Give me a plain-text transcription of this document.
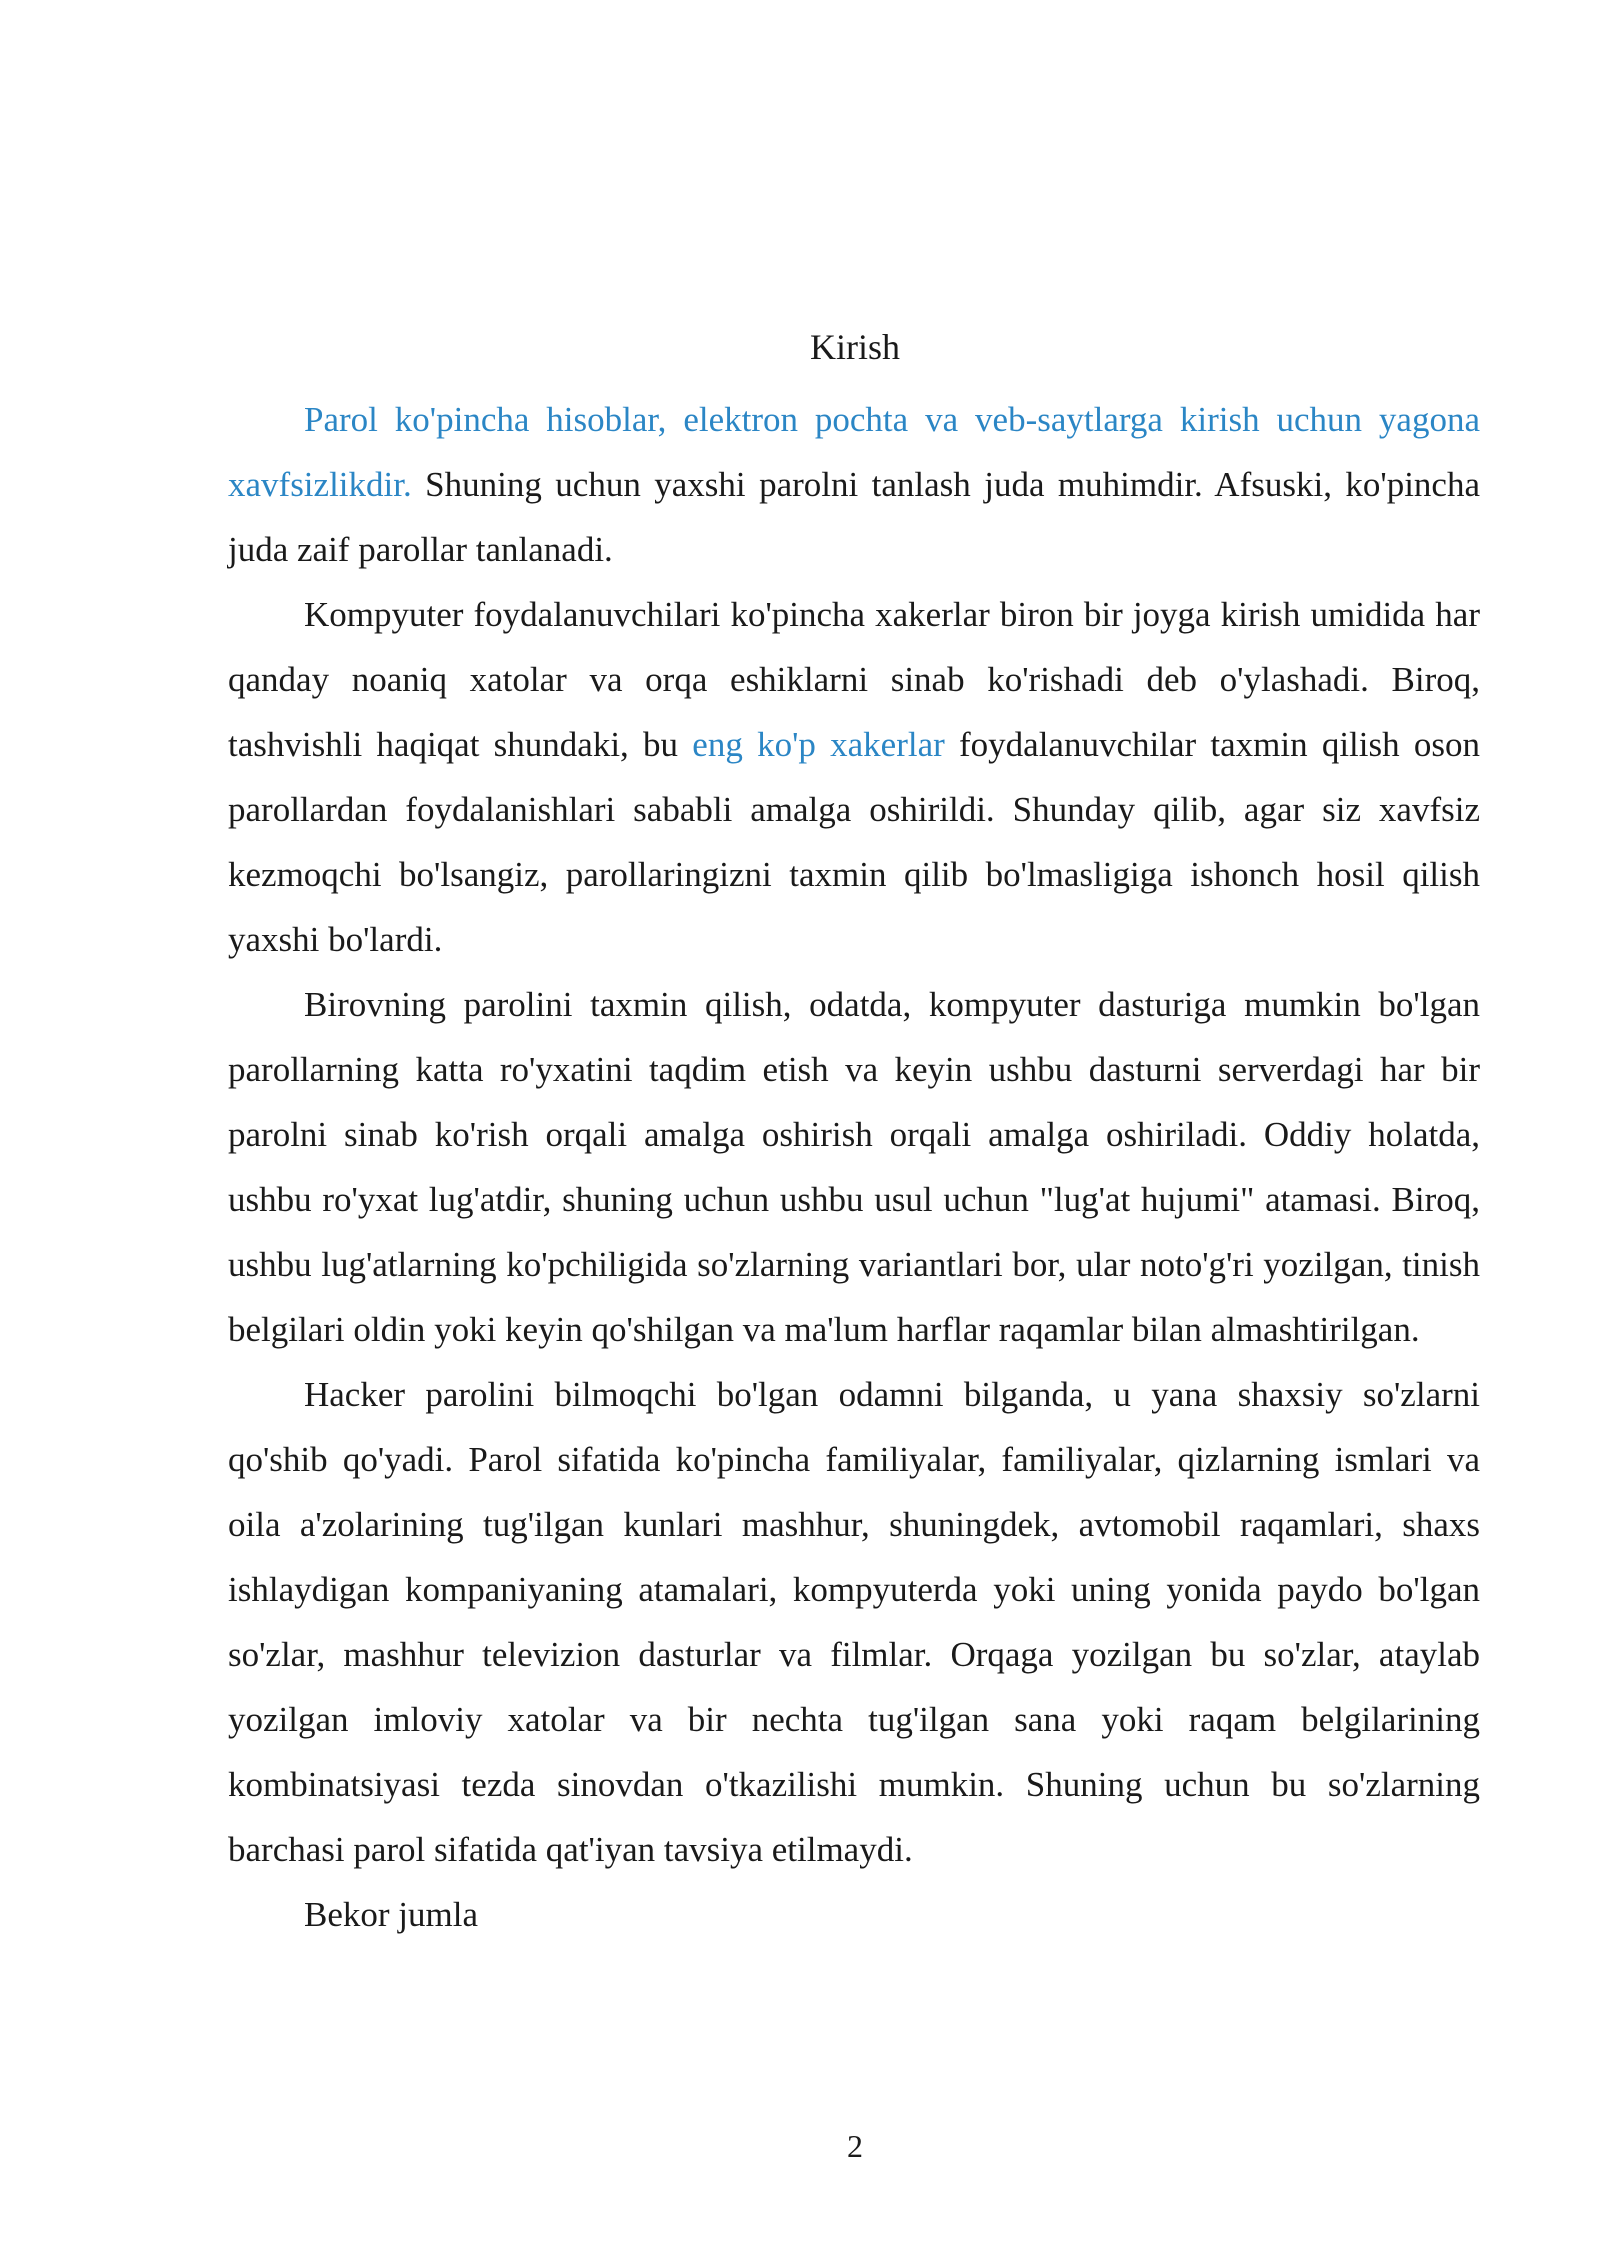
Kirish

Parol ko'pincha hisoblar, elektron pochta va veb-saytlarga kirish uchun yagona xavfsizlikdir. Shuning uchun yaxshi parolni tanlash juda muhimdir. Afsuski, ko'pincha juda zaif parollar tanlanadi.

Kompyuter foydalanuvchilari ko'pincha xakerlar biron bir joyga kirish umidida har qanday noaniq xatolar va orqa eshiklarni sinab ko'rishadi deb o'ylashadi. Biroq, tashvishli haqiqat shundaki, bu eng ko'p xakerlar foydalanuvchilar taxmin qilish oson parollardan foydalanishlari sababli amalga oshirildi. Shunday qilib, agar siz xavfsiz kezmoqchi bo'lsangiz, parollaringizni taxmin qilib bo'lmasligiga ishonch hosil qilish yaxshi bo'lardi.

Birovning parolini taxmin qilish, odatda, kompyuter dasturiga mumkin bo'lgan parollarning katta ro'yxatini taqdim etish va keyin ushbu dasturni serverdagi har bir parolni sinab ko'rish orqali amalga oshirish orqali amalga oshiriladi. Oddiy holatda, ushbu ro'yxat lug'atdir, shuning uchun ushbu usul uchun "lug'at hujumi" atamasi. Biroq, ushbu lug'atlarning ko'pchiligida so'zlarning variantlari bor, ular noto'g'ri yozilgan, tinish belgilari oldin yoki keyin qo'shilgan va ma'lum harflar raqamlar bilan almashtirilgan.

Hacker parolini bilmoqchi bo'lgan odamni bilganda, u yana shaxsiy so'zlarni qo'shib qo'yadi. Parol sifatida ko'pincha familiyalar, familiyalar, qizlarning ismlari va oila a'zolarining tug'ilgan kunlari mashhur, shuningdek, avtomobil raqamlari, shaxs ishlaydigan kompaniyaning atamalari, kompyuterda yoki uning yonida paydo bo'lgan so'zlar, mashhur televizion dasturlar va filmlar. Orqaga yozilgan bu so'zlar, ataylab yozilgan imloviy xatolar va bir nechta tug'ilgan sana yoki raqam belgilarining kombinatsiyasi tezda sinovdan o'tkazilishi mumkin. Shuning uchun bu so'zlarning barchasi parol sifatida qat'iyan tavsiya etilmaydi.

Bekor jumla

2
